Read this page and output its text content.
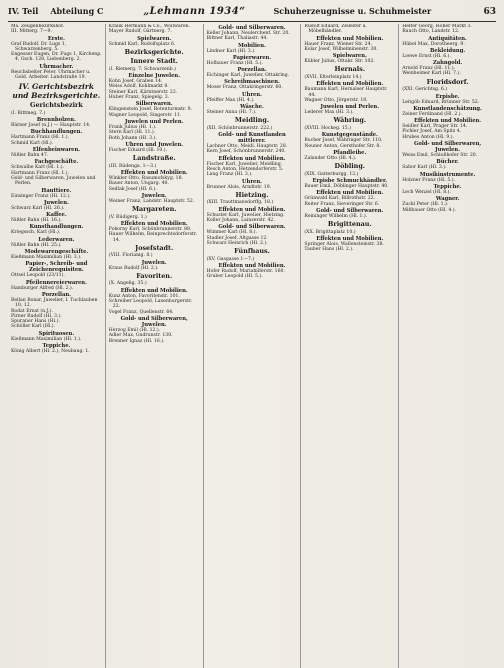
IV. Teil Abteilung C	„Lehmann 1934“	Schuherzeugnisse u. Schuhmeister	63
Ms. Zeugenbezirkshof.
III. Mitterg. 7—9.
Erste.
Graf Rudolf, Dr. Lugs 1, Schwarzenberg. 5.
Engesser Eugen, Dr. Fugs 1, Kirchenp. 4, Gsch. 128, Liebenberg. 2.
Uhrmacher.
Reuchsbeiter Peter, Uhrmacher u. Gold. Arbeiter. Landstraße 19.
IV. Gerichtsbezirk und Bezirksgerichte.
Gerichtsbezirk
(I. Rittmeg. 7.)
Brennholzen.
Bärner Josef (n.J.) — Hauptstr. 14.
Buchhandlungen.
Hartmann Franz (Hl. 1.).
Schmid Karl (Hl.).
Elfenbeinwaren.
Nißler Bahn 47.
Fachgeschäfte.
Schwalbe Karl (Hl. 1.).
Hartmann Franz (Hl. 1.).
Gold- und Silberwaren, Juwelen und Perlen.
Hauttiere.
Einsinger Franz (Hl. 12.).
Juwelen.
Schwarz Karl (Hl. 26.).
Kaffee.
Nißler Bahn (Hl. 16.).
Kunsthandlungen.
Kriegssch. Karl (Hl.).
Lederwaren.
Nißler Bahn (Hl. 25.).
Modewarengeschäfte.
Kießmann Maximilian (Hl. 3.).
Papier-, Schreib- und Zeichenrequisiten.
Ottsel Leopold (23/11).
Pfeilennereierwaren.
Hamburger Alfred (Hl. 2.).
Porzellan.
Bellan Bonar, Juwelier, I. Tuchlauben 10, 12.
Rodat Ernst (n.J.).
Pirner Rudolf (Hl. 3.).
Spuraner Hans (Hl.).
Schöller Karl (Hl.).
Spirituosen.
Kießmann Maximilian (Hl. 1.).
Teppiche.
König Albert (Hl. 2.), Neubaug. 1.
Kralik Hermann & Co., Wollwaren.
Mayer Rudolf, Gärtnerg. 7.
Spielwaren.
Schmid Karl, Rudolfsplatz 6.
Bezirksgerichte.
Innere Stadt.
(I. Riemerg. 7; Schwarzenb.)
Einzelne Juwelen.
Kohn Josef, Graben 14.
Weiss Adolf, Kohlmarkt 8.
Steiner Karl, Kärntnerstr. 22.
Huber Franz, Spiegelg. 3.
Silberwaren.
Klingenstein Josef, Rotenturmstr. 9.
Wagner Leopold, Singerstr. 11.
Juwelen und Perlen.
Frank Julius (Hl. 1.).
Stern Karl (Hl. 11.).
Roth Johann (Hl. 3.).
Uhren und Juwelen.
Fischer Eduard (Hl. 10.).
Landstraße.
(III. Rüdenga. 1—3.)
Effekten und Mobilien.
Winkler Otto, Rasumofskyg. 18.
Bauer Anton, Ungarg. 40.
Sedlak Josef (Hl. 6.).
Juwelen.
Weiner Franz, Landstr. Hauptstr. 52.
Margareten.
(V. Rüdigerg. 1.)
Effekten und Mobilien.
Pokorny Karl, Schönbrunnerstr. 88.
Hauer Wilhelm, Reinprechtsdorferstr. 14.
Josefstadt.
(VIII. Florianig. 8.)
Juwelen.
Kraus Rudolf (Hl. 2.).
Favoriten.
(X. Angelig. 35.)
Effekten und Mobilien.
Kunz Anton, Favoritenstr. 101.
Schreiber Leopold, Laxenburgerstr. 22.
Vogel Franz, Quellenstr. 64.
Gold- und Silberwaren, Juwelen.
Herzog Emil (Hl. 12.).
Adler Max, Gudrunstr. 130.
Brenner Ignaz (Hl. 16.).
Gold- und Silberwaren.
Keller Johann, Neulerchenf. Str. 20.
Bittner Karl, Thaliastr. 44.
Mobilien.
Lindner Karl (Hl. 3.).
Papierwaren.
Hofbauer Franz (Hl. 5.).
Porzellan.
Eichinger Karl, Juwelier, Ottakring.
Schreibmaschinen.
Moser Franz, Ottakringerstr. 60.
Uhren.
Pfeiffer Max (Hl. 4.).
Wäsche.
Steiner Anna (Hl. 7.).
Meidling.
(XII. Schönbrunnerstr. 222.)
Gold- und Kunstlanden mittlerer.
Lachner Otto, Meidl. Hauptstr. 28.
Kern Josef, Schönbrunnerstr. 240.
Effekten und Mobilien.
Fischer Karl, Juwelier, Meidling.
Resch Anton, Hetzendorferstr. 5.
Lang Franz (Hl. 3.).
Uhren.
Brunner Alois, Arndtstr. 19.
Hietzing.
(XIII. Trauttmansdorffg. 18.)
Effekten und Mobilien.
Schuster Karl, Juwelier, Hietzing.
Koller Johann, Lainzerstr. 42.
Gold- und Silberwaren.
Wimmer Karl (Hl. 8.).
Stadler Josef, Altgasse 12.
Schwarz Heinrich (Hl. 2.).
Fünfhaus.
(XV. Gasgasse 1—7.)
Effekten und Mobilien.
Hofer Rudolf, Mariahilferstr. 160.
Gruber Leopold (Hl. 5.).
Rudolf Eduard, Zeileiter u. Möbelhändler.
Effekten und Mobilien.
Hauer Franz, Wiener Str. 24.
Kolar Josef, Wilhelminenstr. 30.
Spielwaren.
Kübler Julius, Ottakr. Str. 102.
Hernals.
(XVII. Elterleinplatz 14.)
Effekten und Mobilien.
Baumann Karl, Hernalser Hauptstr. 44.
Wagner Otto, Jörgerstr. 18.
Juwelen und Perlen.
Lederer Max (Hl. 3.).
Währing.
(XVIII. Hockeg. 15.)
Kunstgegenstände.
Bucher Josef, Währinger Str. 110.
Neuner Anton, Gersthofer Str. 8.
Pfandleihe.
Zalander Otto (Hl. 4.).
Döbling.
(XIX. Gatterburgg. 12.)
Erpisbe Schmuckhändler.
Bauer Emil, Döblinger Hauptstr. 40.
Effekten und Mobilien.
Grünwald Karl, Billrothstr. 22.
Reiter Franz, Sieveringer Str. 6.
Gold- und Silberwaren.
Reininger Wilhelm (Hl. 1.).
Brigittenau.
(XX. Brigittaplatz 10.)
Effekten und Mobilien.
Springer Alois, Wallensteinstr. 38.
Tauber Hans (Hl. 2.).
Helfer Georg, Hoher Markt 3.
Rauch Otto, Landstr. 12.
Antiquitäten.
Hübel Max, Dorotheerg. 9.
Bekleidung.
Loewe Ernst (Hl. 6.).
Zahngold.
Arnold Franz (Hl. 11.).
Weinheimer Karl (Hl. 7.).
Floridsdorf.
(XXI. Gerichtsg. 6.)
Erpisbe.
Leitgöb Eduard, Brünner Str. 52.
Kunstlandenschätzung.
Zeiner Ferdinand (Hl. 2.).
Effekten und Mobilien.
Seidler Karl, Prager Str. 14.
Pichler Josef, Am Spitz 4.
Hrubes Anton (Hl. 9.).
Gold- und Silberwaren, Juwelen.
Weiss Emil, Schloßhofer Str. 20.
Bücher.
Sabor Karl (Hl. 3.).
Musikinstrumente.
Holzner Franz (Hl. 5.).
Teppiche.
Lech Wenzel (Hl. 8.).
Wagner.
Zuckl Peter (Hl. 1.).
Mißbauer Otto (Hl. 4.).
